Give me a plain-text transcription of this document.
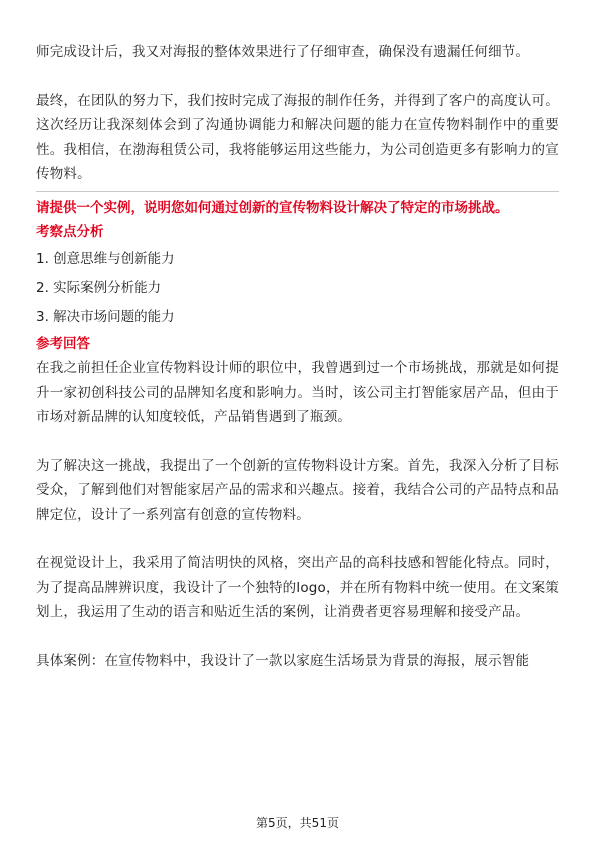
师完成设计后，我又对海报的整体效果进行了仔细审查，确保没有遗漏任何细节。

最终，在团队的努力下，我们按时完成了海报的制作任务，并得到了客户的高度认可。这次经历让我深刻体会到了沟通协调能力和解决问题的能力在宣传物料制作中的重要性。我相信，在渤海租赁公司，我将能够运用这些能力，为公司创造更多有影响力的宣传物料。

请提供一个实例，说明您如何通过创新的宣传物料设计解决了特定的市场挑战。
考察点分析
1. 创意思维与创新能力
2. 实际案例分析能力
3. 解决市场问题的能力
参考回答

在我之前担任企业宣传物料设计师的职位中，我曾遇到过一个市场挑战，那就是如何提升一家初创科技公司的品牌知名度和影响力。当时，该公司主打智能家居产品，但由于市场对新品牌的认知度较低，产品销售遇到了瓶颈。

为了解决这一挑战，我提出了一个创新的宣传物料设计方案。首先，我深入分析了目标受众，了解到他们对智能家居产品的需求和兴趣点。接着，我结合公司的产品特点和品牌定位，设计了一系列富有创意的宣传物料。

在视觉设计上，我采用了简洁明快的风格，突出产品的高科技感和智能化特点。同时，为了提高品牌辨识度，我设计了一个独特的logo，并在所有物料中统一使用。在文案策划上，我运用了生动的语言和贴近生活的案例，让消费者更容易理解和接受产品。

具体案例：在宣传物料中，我设计了一款以家庭生活场景为背景的海报，展示智能

第5页，共51页
